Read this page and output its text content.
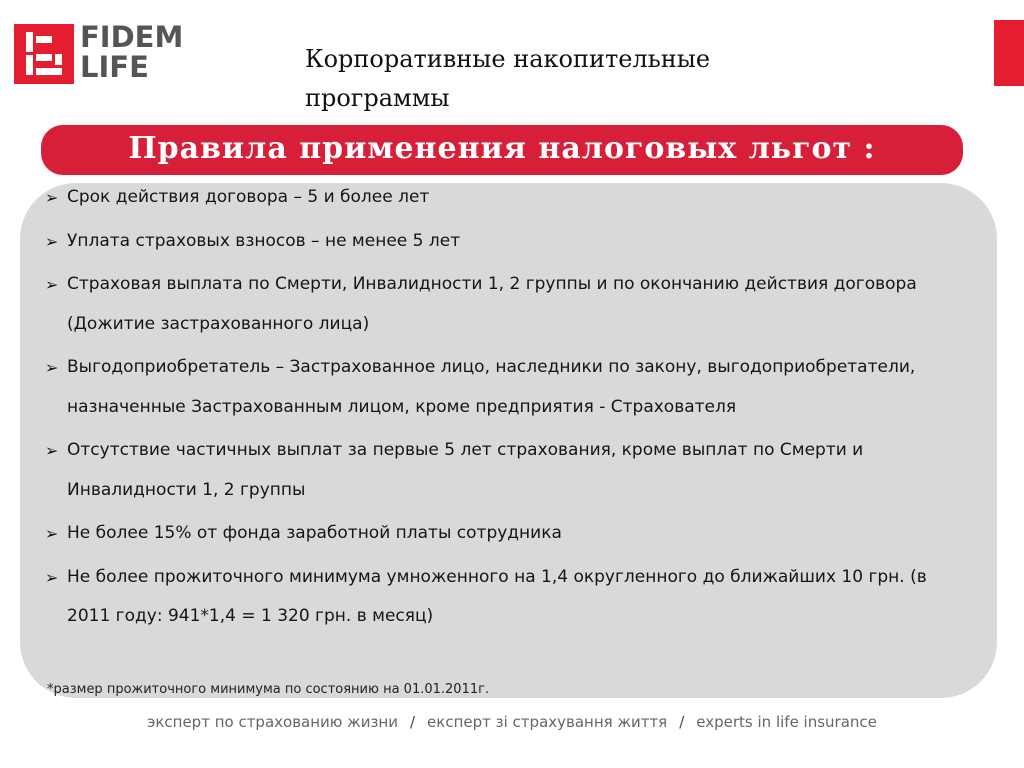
FIDEM
LIFE	Корпоративные накопительные программы
Правила применения налоговых льгот :
➢ Срок действия договора – 5 и более лет
➢ Уплата страховых взносов – не менее 5 лет
➢ Страховая выплата по Смерти, Инвалидности 1, 2 группы и по окончанию действия договора (Дожитие застрахованного лица)
➢ Выгодоприобретатель – Застрахованное лицо, наследники по закону, выгодоприобретатели, назначенные Застрахованным лицом, кроме предприятия - Страхователя
➢ Отсутствие частичных выплат за первые 5 лет страхования, кроме выплат по Смерти и Инвалидности 1, 2 группы
➢ Не более 15% от фонда заработной платы сотрудника
➢ Не более прожиточного минимума умноженного на 1,4 округленного до ближайших 10 грн. (в 2011 году: 941*1,4 = 1 320 грн. в месяц)

*размер прожиточного минимума по состоянию на 01.01.2011г.

эксперт по страхованию жизни / експерт зі страхування життя / experts in life insurance
